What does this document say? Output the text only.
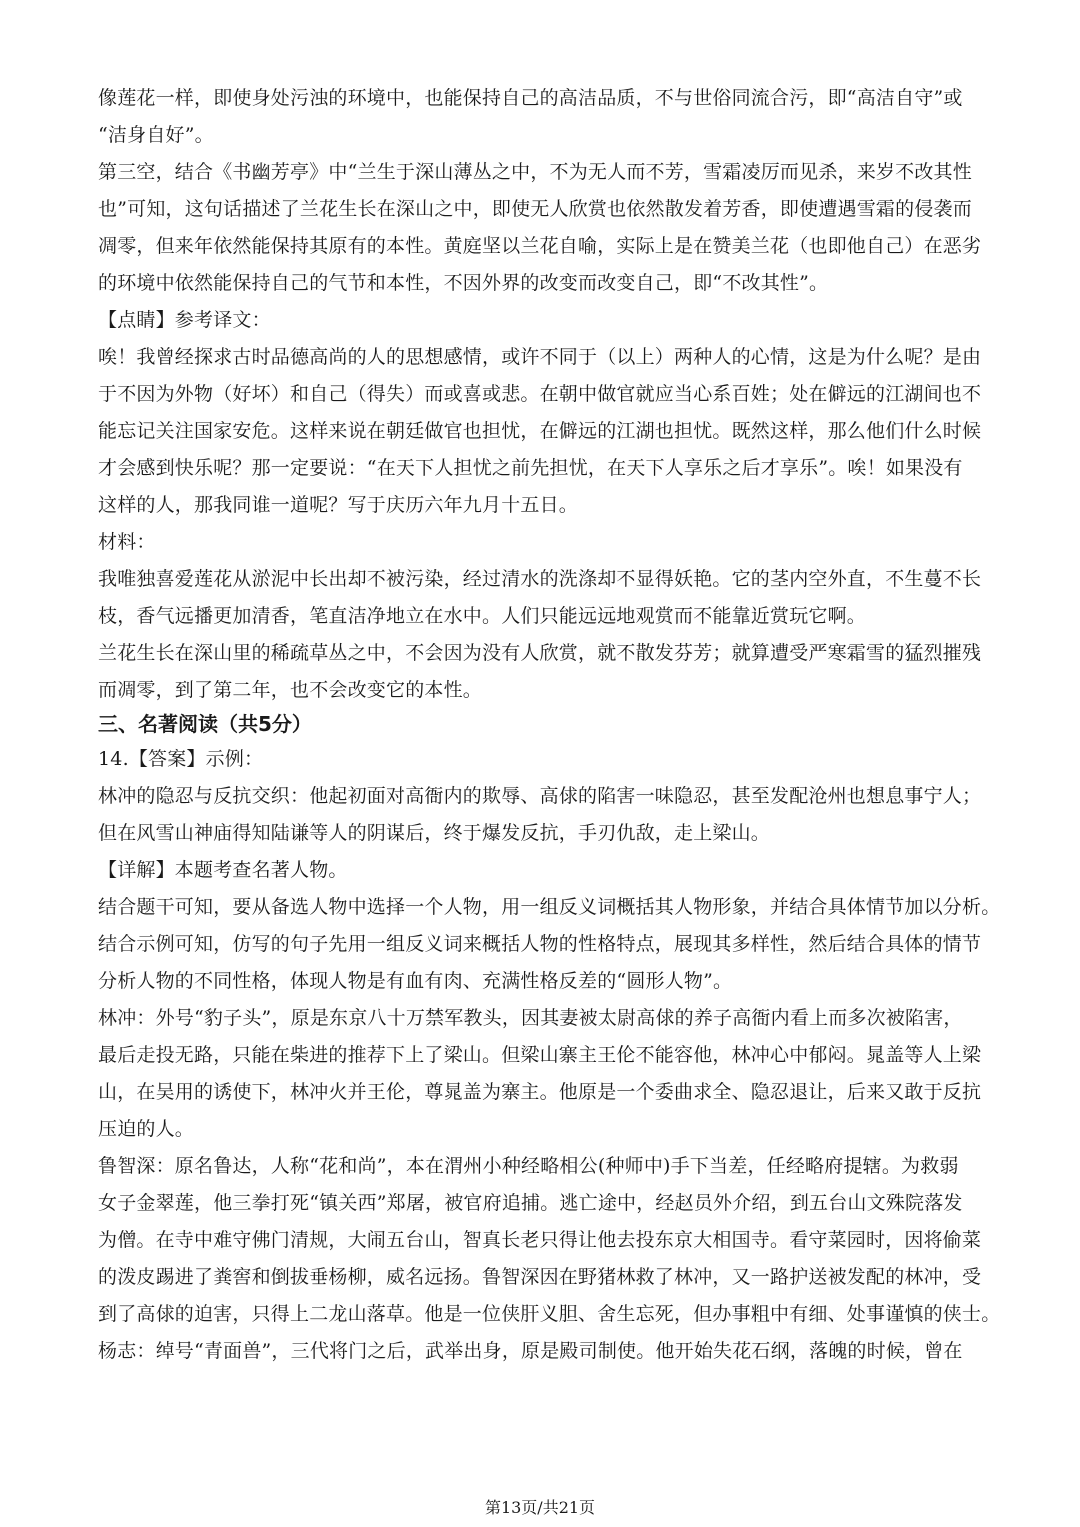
像莲花一样，即使身处污浊的环境中，也能保持自己的高洁品质，不与世俗同流合污，即“高洁自守”或
“洁身自好”。
第三空，结合《书幽芳亭》中“兰生于深山薄丛之中，不为无人而不芳，雪霜凌厉而见杀，来岁不改其性
也”可知，这句话描述了兰花生长在深山之中，即使无人欣赏也依然散发着芳香，即使遭遇雪霜的侵袭而
凋零，但来年依然能保持其原有的本性。黄庭坚以兰花自喻，实际上是在赞美兰花（也即他自己）在恶劣
的环境中依然能保持自己的气节和本性，不因外界的改变而改变自己，即“不改其性”。
【点睛】参考译文：
唉！我曾经探求古时品德高尚的人的思想感情，或许不同于（以上）两种人的心情，这是为什么呢？是由
于不因为外物（好坏）和自己（得失）而或喜或悲。在朝中做官就应当心系百姓；处在僻远的江湖间也不
能忘记关注国家安危。这样来说在朝廷做官也担忧，在僻远的江湖也担忧。既然这样，那么他们什么时候
才会感到快乐呢？那一定要说：“在天下人担忧之前先担忧，在天下人享乐之后才享乐”。唉！如果没有
这样的人，那我同谁一道呢？写于庆历六年九月十五日。
材料：
我唯独喜爱莲花从淤泥中长出却不被污染，经过清水的洗涤却不显得妖艳。它的茎内空外直，不生蔓不长
枝，香气远播更加清香，笔直洁净地立在水中。人们只能远远地观赏而不能靠近赏玩它啊。
兰花生长在深山里的稀疏草丛之中，不会因为没有人欣赏，就不散发芬芳；就算遭受严寒霜雪的猛烈摧残
而凋零，到了第二年，也不会改变它的本性。
三、名著阅读（共5分）
14.【答案】示例：
林冲的隐忍与反抗交织：他起初面对高衙内的欺辱、高俅的陷害一味隐忍，甚至发配沧州也想息事宁人；
但在风雪山神庙得知陆谦等人的阴谋后，终于爆发反抗，手刃仇敌，走上梁山。
【详解】本题考查名著人物。
结合题干可知，要从备选人物中选择一个人物，用一组反义词概括其人物形象，并结合具体情节加以分析。
结合示例可知，仿写的句子先用一组反义词来概括人物的性格特点，展现其多样性，然后结合具体的情节
分析人物的不同性格，体现人物是有血有肉、充满性格反差的“圆形人物”。
林冲：外号“豹子头”，原是东京八十万禁军教头，因其妻被太尉高俅的养子高衙内看上而多次被陷害，
最后走投无路，只能在柴进的推荐下上了梁山。但梁山寨主王伦不能容他，林冲心中郁闷。晁盖等人上梁
山，在吴用的诱使下，林冲火并王伦，尊晁盖为寨主。他原是一个委曲求全、隐忍退让，后来又敢于反抗
压迫的人。
鲁智深：原名鲁达，人称“花和尚”，本在渭州小种经略相公(种师中)手下当差，任经略府提辖。为救弱
女子金翠莲，他三拳打死“镇关西”郑屠，被官府追捕。逃亡途中，经赵员外介绍，到五台山文殊院落发
为僧。在寺中难守佛门清规，大闹五台山，智真长老只得让他去投东京大相国寺。看守菜园时，因将偷菜
的泼皮踢进了粪窖和倒拔垂杨柳，威名远扬。鲁智深因在野猪林救了林冲，又一路护送被发配的林冲，受
到了高俅的迫害，只得上二龙山落草。他是一位侠肝义胆、舍生忘死，但办事粗中有细、处事谨慎的侠士。
杨志：绰号“青面兽”，三代将门之后，武举出身，原是殿司制使。他开始失花石纲，落魄的时候，曾在
第13页/共21页
